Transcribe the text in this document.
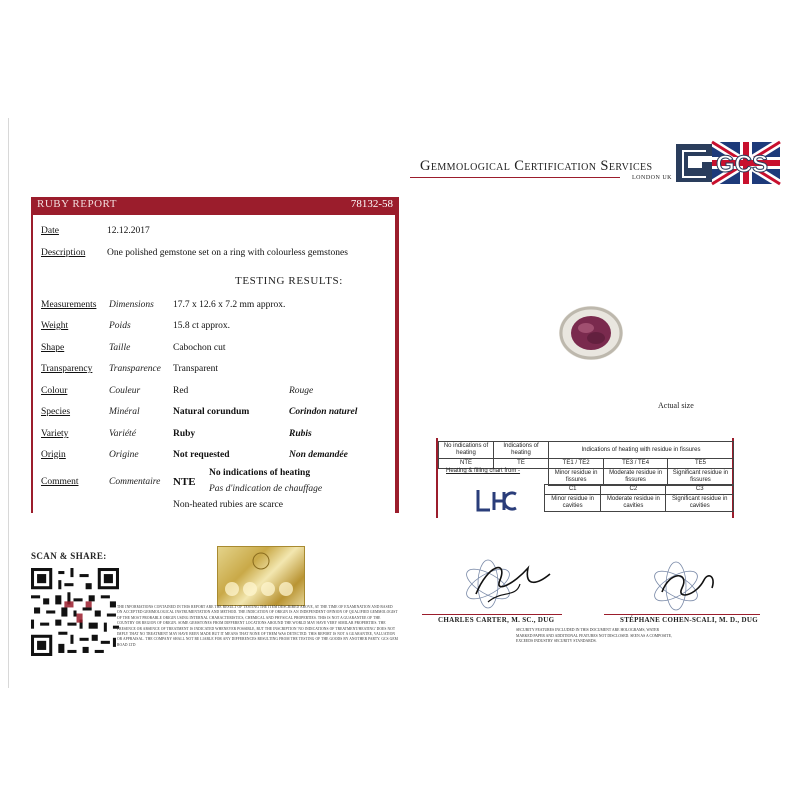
RUBY REPORT	78132-58
Date	12.12.2017
Description One polished gemstone set on a ring with colourless gemstones
TESTING RESULTS:
Measurements Dimensions 17.7 x 12.6 x 7.2 mm approx.
Weight	Poids	15.8 ct approx.
Shape	Taille	Cabochon cut
Transparency Transparence Transparent
Colour	Couleur	Red	Rouge
Species	Minéral	Natural corundum	Corindon naturel
Variety	Variété	Ruby	Rubis
Origin	Origine	Not requested	Non demandée
Comment	Commentaire NTE
No indications of heating
Pas d'indication de chauffage
Non-heated rubies are scarce
SCAN & SHARE:
THE INFORMATIONS CONTAINED IN THIS REPORT ARE THE RESULT OF TESTING THE ITEM DESCRIBED ABOVE, AT THE TIME OF EXAMINATION AND BASED ON ACCEPTED GEMMOLOGICAL INSTRUMENTATION AND METHOD. THE INDICATION OF ORIGIN IS AN INDEPENDENT OPINION OF QUALIFIED GEMMOLOGIST OF THE MOST PROBABLE ORIGIN USING INTERNAL CHARACTERISTICS, CHEMICAL AND PHYSICAL PROPERTIES. THIS IS NOT A GUARANTEE OF THE COUNTRY OR REGION OF ORIGIN. SOME GEMSTONES FROM DIFFERENT LOCATIONS AROUND THE WORLD MAY HAVE VERY SIMILAR PROPERTIES. THE PRESENCE OR ABSENCE OF TREATMENT IS INDICATED WHENEVER POSSIBLE, BUT THE INSCRIPTION 'NO INDICATIONS OF TREATMENT/HEATING' DOES NOT IMPLY THAT NO TREATMENT MAY HAVE BEEN MADE BUT IT MEANS THAT NONE OF THEM WAS DETECTED. THIS REPORT IS NOT A GUARANTEE, VALUATION OR APPRAISAL. THE COMPANY SHALL NOT BE LIABLE FOR ANY DIFFERENCES RESULTING FROM THE TESTING OF THE GOODS BY ANOTHER PARTY. GCS GEM ROAD LTD
Gemmological Certification Services
LONDON UK GCS
Actual size
No indications of heating	Indications of heating	Indications of heating with residue in fissures		
NTE	TE	TE1 / TE2	TE3 / TE4	TE5
		Minor residue in fissures	Moderate residue in fissures	Significant residue in fissures
Heating & filling chart from -
C1	C2	C3
Minor residue in cavities	Moderate residue in cavities	Significant residue in cavities
CHARLES CARTER, M. SC., DUG	STÉPHANE COHEN-SCALI, M. D., DUG
SECURITY FEATURES INCLUDED IN THIS DOCUMENT ARE HOLOGRAMS, WATER MARKED PAPER AND ADDITIONAL FEATURES NOT DISCLOSED. SEEN AS A COMPOSITE, EXCEEDS INDUSTRY SECURITY STANDARDS.
